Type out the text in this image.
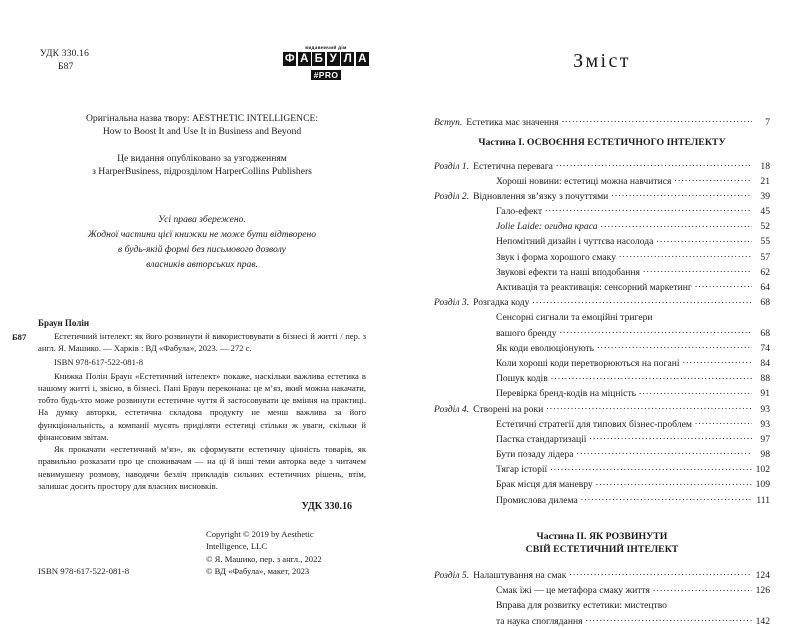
УДК 330.16
Б87
видавничий дім
Ф А Б У Л А
#PRO
Оригінальна назва твору: AESTHETIC INTELLIGENCE:
How to Boost It and Use It in Business and Beyond
Це видання опубліковано за узгодженням
з HarperBusiness, підрозділом HarperCollins Publishers
Усі права збережено.
Жодної частини цієї книжки не може бути відтворено
в будь-якій формі без письмового дозволу
власників авторських прав.
Б87
Браун Полін

Естетичний інтелект: як його розвинути й використовувати в бізнесі й житті / пер. з англ. Я. Машико. — Харків : ВД «Фабула», 2023. — 272 с.

ISBN 978-617-522-081-8

Книжка Полін Браун «Естетичний інтелект» покаже, наскільки важлива естетика в нашому житті і, звісно, в бізнесі. Пані Браун переконана: це м’яз, який можна накачати, тобто будь-хто може розвинути естетичне чуття й застосовувати це вміння на практиці. На думку авторки, естетична складова продукту не менш важлива за його функціональність, а компанії мусять приділяти естетиці стільки ж уваги, скільки й фінансовим звітам.

Як прокачати «естетичний м’яз», як сформувати естетичну цінність товарів, як правильно розказати про це споживачам — на ці й інші теми авторка веде з читачем невимушену розмову, наводячи безліч прикладів сильних естетичних рішень, втім, залишає досить простору для власних висновків.

УДК 330.16
ISBN 978-617-522-081-8
Copyright © 2019 by Aesthetic
Intelligence, LLC
© Я. Машико, пер. з англ., 2022
© ВД «Фабула», макет, 2023
Зміст
Вступ. Естетика має значення .....	7
Частина I. ОСВОЄННЯ ЕСТЕТИЧНОГО ІНТЕЛЕКТУ
Розділ 1. Естетична перевага .....	18
Хороші новини: естетиці можна навчитися .....	21
Розділ 2. Відновлення зв’язку з почуттями .....	39
Гало-ефект .....	45
Jolie Laide: огидна краса .....	52
Непомітний дизайн і чуттєва насолода .....	55
Звук і форма хорошого смаку .....	57
Звукові ефекти та наші вподобання .....	62
Активація та реактивація: сенсорний маркетинг .....	64
Розділ 3. Розгадка коду .....	68
Сенсорні сигнали та емоційні тригери
вашого бренду .....	68
Як коди еволюціонують .....	74
Коли хороші коди перетворюються на погані .....	84
Пошук кодів .....	88
Перевірка бренд-кодів на міцність .....	91
Розділ 4. Створені на роки .....	93
Естетичні стратегії для типових бізнес-проблем .....	93
Пастка стандартизації .....	97
Бути позаду лідера .....	98
Тягар історії .....	102
Брак місця для маневру .....	109
Промислова дилема .....	111
Частина II. ЯК РОЗВИНУТИ
СВІЙ ЕСТЕТИЧНИЙ ІНТЕЛЕКТ
Розділ 5. Налаштування на смак .....	124
Смак їжі — це метафора смаку життя .....	126
Вправа для розвитку естетики: мистецтво
та наука споглядання .....	142
